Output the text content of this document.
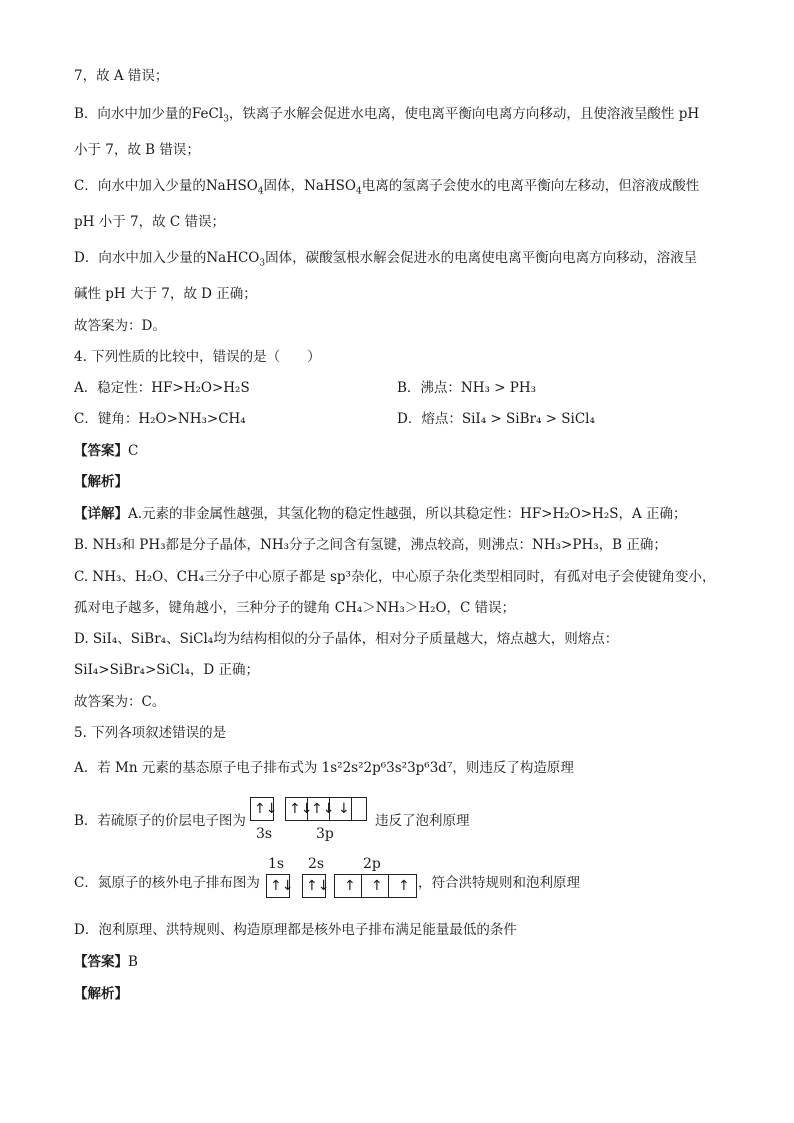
7，故 A 错误；
B．向水中加少量的FeCl$_3$，铁离子水解会促进水电离，使电离平衡向电离方向移动，且使溶液呈酸性 pH
小于 7，故 B 错误；
C．向水中加入少量的NaHSO$_4$固体，NaHSO$_4$电离的氢离子会使水的电离平衡向左移动，但溶液成酸性
pH 小于 7，故 C 错误；
D．向水中加入少量的NaHCO$_3$固体，碳酸氢根水解会促进水的电离使电离平衡向电离方向移动，溶液呈
碱性 pH 大于 7，故 D 正确；
故答案为：D。
4. 下列性质的比较中，错误的是（　　）
A．稳定性：HF>H₂O>H₂S	B．沸点：NH₃ > PH₃
C．键角：H₂O>NH₃>CH₄	D．熔点：SiI₄ > SiBr₄ > SiCl₄
【答案】C
【解析】
【详解】A.元素的非金属性越强，其氢化物的稳定性越强，所以其稳定性：HF>H₂O>H₂S，A 正确；
B. NH₃和 PH₃都是分子晶体，NH₃分子之间含有氢键，沸点较高，则沸点：NH₃>PH₃，B 正确；
C. NH₃、H₂O、CH₄三分子中心原子都是 sp³杂化，中心原子杂化类型相同时，有孤对电子会使键角变小，
孤对电子越多，键角越小，三种分子的键角 CH₄＞NH₃＞H₂O，C 错误；
D. SiI₄、SiBr₄、SiCl₄均为结构相似的分子晶体，相对分子质量越大，熔点越大，则熔点：
SiI₄>SiBr₄>SiCl₄，D 正确；
故答案为：C。
5. 下列各项叙述错误的是
A．若 Mn 元素的基态原子电子排布式为 1s²2s²2p⁶3s²3p⁶3d⁷，则违反了构造原理
B．若硫原子的价层电子图为
↑↓ ↑↓
↑↓ ↓
3s	3p
违反了泡利原理
1s 2s	2p
C．氮原子的核外电子排布图为 ↑↓ ↑↓ ↑ ↑ ↑ ，符合洪特规则和泡利原理
D．泡利原理、洪特规则、构造原理都是核外电子排布满足能量最低的条件
【答案】B
【解析】
